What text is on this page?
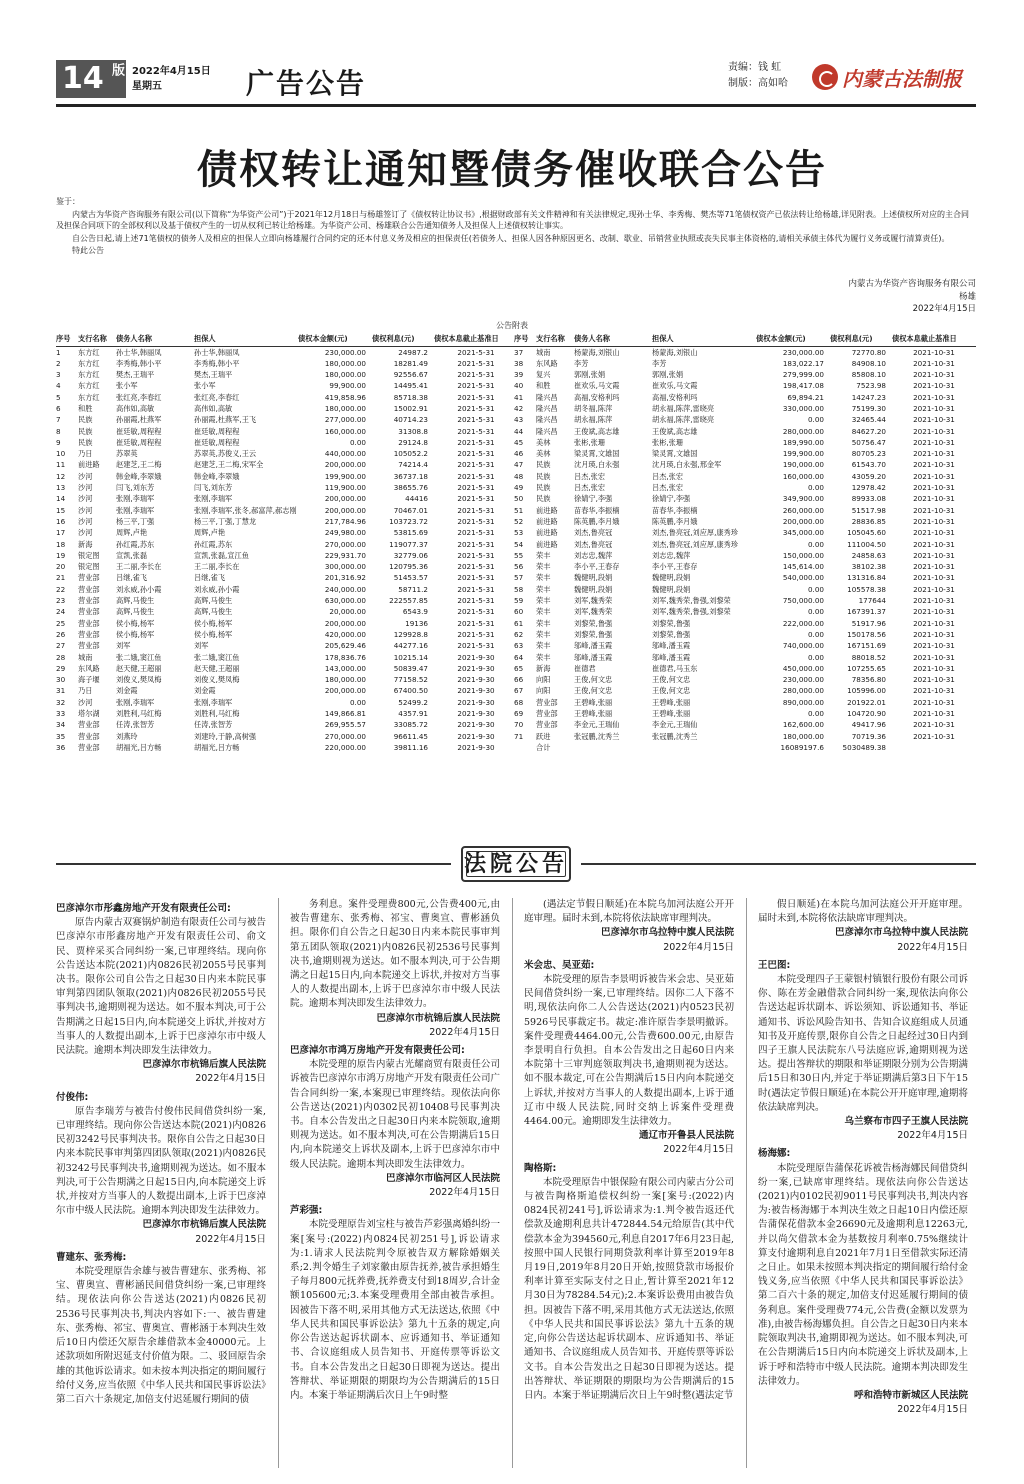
14 版 2022年4月15日
星期五	广告公告	责编：钱 虹
制版：高如哈	内蒙古法制报
债权转让通知暨债务催收联合公告

鉴于：

内蒙古为华资产咨询服务有限公司(以下简称“为华资产公司”)于2021年12月18日与杨雄签订了《债权转让协议书》,根据财政部有关文件精神和有关法律规定,现孙士华、李秀梅、樊杰等71笔债权资产已依法转让给杨雄,详见附表。上述债权所对应的主合同及担保合同项下的全部权利以及基于债权产生的一切从权利已转让给杨雄。为华资产公司、杨雄联合公告通知债务人及担保人上述债权转让事实。

自公告日起,请上述71笔债权的债务人及相应的担保人立即向杨雄履行合同约定的还本付息义务及相应的担保责任(若债务人、担保人因各种原因更名、改制、歇业、吊销营业执照或丧失民事主体资格的,请相关承债主体代为履行义务或履行清算责任)。

特此公告

内蒙古为华资产咨询服务有限公司
杨雄
2022年4月15日
公告附表
序号	支行名称	债务人名称	担保人	债权本金额(元)	债权利息(元)	债权本息截止基准日
1	东方红	孙士华,韩丽凤	孙士华,韩丽凤	230,000.00	24987.2	2021-5-31
2	东方红	李秀梅,韩小平	李秀梅,韩小平	180,000.00	18281.49	2021-5-31
3	东方红	樊杰,王瑞平	樊杰,王瑞平	180,000.00	92556.67	2021-5-31
4	东方红	张小军	张小军	99,900.00	14495.41	2021-5-31
5	东方红	张红亮,李春红	张红亮,李春红	419,858.96	85718.38	2021-5-31
6	和胜	高伟如,高敏	高伟如,高敏	180,000.00	15002.91	2021-5-31
7	民族	孙丽霞,杜燕军	孙丽霞,杜燕军,王飞	277,000.00	40714.23	2021-5-31
8	民族	崔廷敏,周程程	崔廷敏,周程程	160,000.00	31308.8	2021-5-31
9	民族	崔廷敏,周程程	崔廷敏,周程程	0.00	29124.8	2021-5-31
10	乃日	苏翠英	苏翠英,苏俊义,王云	440,000.00	105052.2	2021-5-31
11	前进路	赵建芝,王二梅	赵建芝,王二梅,宋军全	200,000.00	74214.4	2021-5-31
12	沙河	韩金峰,李翠娥	韩金峰,李翠娥	199,900.00	36737.18	2021-5-31
13	沙河	闫飞,刘东芳	闫飞,刘东芳	119,900.00	38655.76	2021-5-31
14	沙河	张刚,李瑞军	张刚,李瑞军	200,000.00	44416	2021-5-31
15	沙河	张刚,李瑞军	张刚,李瑞军,张冬,郝富萍,郝志刚	200,000.00	70467.01	2021-5-31
16	沙河	杨三平,丁强	杨三平,丁强,丁慧龙	217,784.96	103723.72	2021-5-31
17	沙河	周辉,卢艳	周辉,卢艳	249,980.00	53815.69	2021-5-31
18	新海	孙红霞,苏东	孙红霞,苏东	270,000.00	119077.37	2021-5-31
19	银定图	宣凯,张磊	宣凯,张磊,宣江鱼	229,931.70	32779.06	2021-5-31
20	银定图	王二丽,李长在	王二丽,李长在	300,000.00	120795.36	2021-5-31
21	营业部	吕继,雀飞	吕继,雀飞	201,316.92	51453.57	2021-5-31
22	营业部	刘永威,孙小霞	刘永威,孙小霞	240,000.00	58711.2	2021-5-31
23	营业部	高辉,马俊生	高辉,马俊生	630,000.00	222557.85	2021-5-31
24	营业部	高辉,马俊生	高辉,马俊生	20,000.00	6543.9	2021-5-31
25	营业部	侯小梅,杨军	侯小梅,杨军	200,000.00	19136	2021-5-31
26	营业部	侯小梅,杨军	侯小梅,杨军	420,000.00	129928.8	2021-5-31
27	营业部	刘军	刘军	205,629.46	44277.16	2021-5-31
28	城南	张二娥,窦江鱼	张二娥,窦江鱼	178,836.76	10215.14	2021-9-30
29	东风路	赵天健,王超丽	赵天健,王超丽	143,000.00	50839.47	2021-9-30
30	海子堰	刘俊义,樊凤梅	刘俊义,樊凤梅	180,000.00	77158.52	2021-9-30
31	乃日	刘金霞	刘金霞	200,000.00	67400.50	2021-9-30
32	沙河	张刚,李瑞军	张刚,李瑞军	0.00	52499.2	2021-9-30
33	塔尔湖	刘胜利,马红梅	刘胜利,马红梅	149,866.81	4357.91	2021-9-30
34	营业部	任涛,张智芳	任涛,张智芳	269,955.57	33085.72	2021-9-30
35	营业部	刘燕玲	刘建玲,于静,高树强	270,000.00	96611.45	2021-9-30
36	营业部	胡福光,吕方畅	胡福光,吕方畅	220,000.00	39811.16	2021-9-30
序号	支行名称	债务人名称	担保人	债权本金额(元)	债权利息(元)	债权本息截止基准日
37	城南	杨蒙海,刘银山	杨蒙海,刘银山	230,000.00	72770.80	2021-10-31
38	东风路	李芳	李芳	183,022.17	84908.10	2021-10-31
39	复兴	郭刚,张娟	郭刚,张娟	279,999.00	85808.10	2021-10-31
40	和胜	崔欢乐,马文霞	崔欢乐,马文霞	198,417.08	7523.98	2021-10-31
41	隆兴昌	高福,安格利玛	高福,安格利玛	69,894.21	14247.23	2021-10-31
42	隆兴昌	胡冬福,陈萍	胡永福,陈萍,雷晓亮	330,000.00	75199.30	2021-10-31
43	隆兴昌	胡永福,陈萍	胡永福,陈萍,雷晓亮	0.00	32465.44	2021-10-31
44	隆兴昌	王俊斌,高志雄	王俊斌,高志雄	280,000.00	84627.20	2021-10-31
45	美林	张彬,张珊	张彬,张珊	189,990.00	50756.47	2021-10-31
46	美林	梁灵霄,文雄国	梁灵霄,文雄国	199,900.00	80705.23	2021-10-31
47	民族	沈月瑛,白永强	沈月瑛,白永强,邢金军	190,000.00	61543.70	2021-10-31
48	民族	吕杰,张宏	吕杰,张宏	160,000.00	43059.20	2021-10-31
49	民族	吕杰,张宏	吕杰,张宏	0.00	12978.42	2021-10-31
50	民族	徐婧宁,李强	徐婧宁,李强	349,900.00	89933.08	2021-10-31
51	前进路	苗春华,李振楠	苗春华,李振楠	260,000.00	51517.98	2021-10-31
52	前进路	陈英鹏,李月娥	陈英鹏,李月娥	200,000.00	28836.85	2021-10-31
53	前进路	刘杰,鲁亮冠	刘杰,鲁亮冠,刘应厚,康秀珍	345,000.00	105045.60	2021-10-31
54	前进路	刘杰,鲁亮冠	刘杰,鲁亮冠,刘应厚,康秀珍	0.00	111004.50	2021-10-31
55	荣丰	刘志忠,魏萍	刘志忠,魏萍	150,000.00	24858.63	2021-10-31
56	荣丰	李小平,王春存	李小平,王春存	145,614.00	38102.38	2021-10-31
57	荣丰	魏健明,段娟	魏健明,段娟	540,000.00	131316.84	2021-10-31
58	荣丰	魏健明,段娟	魏健明,段娟	0.00	105578.38	2021-10-31
59	荣丰	刘军,魏秀荣	刘军,魏秀荣,鲁强,刘黎荣	750,000.00	177644	2021-10-31
60	荣丰	刘军,魏秀荣	刘军,魏秀荣,鲁强,刘黎荣	0.00	167391.37	2021-10-31
61	荣丰	刘黎荣,鲁强	刘黎荣,鲁强	222,000.00	51917.96	2021-10-31
62	荣丰	刘黎荣,鲁强	刘黎荣,鲁强	0.00	150178.56	2021-10-31
63	荣丰	邬峰,潘玉霞	邬峰,潘玉霞	740,000.00	167151.69	2021-10-31
64	荣丰	邬峰,潘玉霞	邬峰,潘玉霞	0.00	88018.52	2021-10-31
65	新海	崔德君	崔德君,马玉东	450,000.00	107255.65	2021-10-31
66	向阳	王俊,何文忠	王俊,何文忠	230,000.00	78356.80	2021-10-31
67	向阳	王俊,何文忠	王俊,何文忠	280,000.00	105996.00	2021-10-31
68	营业部	王碧峰,张丽	王碧峰,张丽	890,000.00	201922.01	2021-10-31
69	营业部	王碧峰,张丽	王碧峰,张丽	0.00	104720.90	2021-10-31
70	营业部	李金元,王瑞仙	李金元,王瑞仙	162,600.00	49417.96	2021-10-31
71	跃进	张冠鹏,沈秀兰	张冠鹏,沈秀兰	180,000.00	70719.36	2021-10-31
	合计			16089197.6	5030489.38	
法院公告
巴彦淖尔市彤鑫房地产开发有限责任公司:
原告内蒙古双赛锅炉制造有限责任公司与被告巴彦淖尔市彤鑫房地产开发有限责任公司、俞文民、贾梓采买合同纠纷一案,已审理终结。现向你公告送达本院(2021)内0826民初2055号民事判决书。限你公司自公告之日起30日内来本院民事审判第四团队领取(2021)内0826民初2055号民事判决书,逾期则视为送达。如不服本判决,可于公告期满之日起15日内,向本院递交上诉状,并按对方当事人的人数提出副本,上诉于巴彦淖尔市中级人民法院。逾期本判决即发生法律效力。
巴彦淖尔市杭锦后旗人民法院
2022年4月15日
付俊伟:
原告李瑞芳与被告付俊伟民间借贷纠纷一案,已审理终结。现向你公告送达本院(2021)内0826民初3242号民事判决书。限你自公告之日起30日内来本院民事审判第四团队领取(2021)内0826民初3242号民事判决书,逾期则视为送达。如不服本判决,可于公告期满之日起15日内,向本院递交上诉状,并按对方当事人的人数提出副本,上诉于巴彦淖尔市中级人民法院。逾期本判决即发生法律效力。
巴彦淖尔市杭锦后旗人民法院
2022年4月15日
曹建东、张秀梅:
本院受理原告余雄与被告曹建东、张秀梅、祁宝、曹奥宣、曹彬涵民间借贷纠纷一案,已审理终结。现依法向你公告送达(2021)内0826民初2536号民事判决书,判决内容如下:一、被告曹建东、张秀梅、祁宝、曹奥宣、曹彬涵于本判决生效后10日内偿还欠原告余雄借款本金40000元。上述款项如所附迟延支付价值为限。二、驳回原告余雄的其他诉讼请求。如未按本判决指定的期间履行给付义务,应当依照《中华人民共和国民事诉讼法》第二百六十条规定,加倍支付迟延履行期间的债
务利息。案件受理费800元,公告费400元,由被告曹建东、张秀梅、祁宝、曹奥宣、曹彬涵负担。限你们自公告之日起30日内来本院民事审判第五团队领取(2021)内0826民初2536号民事判决书,逾期则视为送达。如不服本判决,可于公告期满之日起15日内,向本院递交上诉状,并按对方当事人的人数提出副本,上诉于巴彦淖尔市中级人民法院。逾期本判决即发生法律效力。
巴彦淖尔市杭锦后旗人民法院
2022年4月15日
巴彦淖尔市鸿万房地产开发有限责任公司:
本院受理的原告内蒙古光耀商贸有限责任公司诉被告巴彦淖尔市鸿万房地产开发有限责任公司广告合同纠纷一案,本案现已审理终结。现依法向你公告送达(2021)内0302民初10408号民事判决书。自本公告发出之日起30日内来本院领取,逾期则视为送达。如不服本判决,可在公告期满后15日内,向本院递交上诉状及副本,上诉于巴彦淖尔市中级人民法院。逾期本判决即发生法律效力。
巴彦淖尔市临河区人民法院
2022年4月15日
芦彩强:
本院受理原告刘宝柱与被告芦彩强离婚纠纷一案[案号:(2022)内0824民初251号],诉讼请求为:1.请求人民法院判令原被告双方解除婚姻关系;2.判令婚生子刘家徽由原告抚养,被告承担婚生子每月800元抚养费,抚养费支付到18周岁,合计金额105600元;3.本案受理费用全部由被告承担。因被告下落不明,采用其他方式无法送达,依照《中华人民共和国民事诉讼法》第九十五条的规定,向你公告送达起诉状副本、应诉通知书、举证通知书、合议庭组成人员告知书、开庭传票等诉讼文书。自本公告发出之日起30日即视为送达。提出答辩状、举证期限的期限均为公告期满后的15日内。本案于举证期满后次日上午9时整
(遇法定节假日顺延)在本院乌加河法庭公开开庭审理。届时未到,本院将依法缺席审理判决。
巴彦淖尔市乌拉特中旗人民法院
2022年4月15日
米会忠、吴亚茹:
本院受理的原告李景明诉被告米会忠、吴亚茹民间借贷纠纷一案,已审理终结。因你二人下落不明,现依法向你二人公告送达(2021)内0523民初5926号民事裁定书。裁定:准许原告李景明撤诉。案件受理费4464.00元,公告费600.00元,由原告李景明自行负担。自本公告发出之日起60日内来本院第十三审判庭领取判决书,逾期则视为送达。如不服本裁定,可在公告期满后15日内向本院递交上诉状,并按对方当事人的人数提出副本,上诉于通辽市中级人民法院,同时交纳上诉案件受理费4464.00元。逾期即发生法律效力。
通辽市开鲁县人民法院
2022年4月15日
陶格斯:
本院受理原告中银保险有限公司内蒙古分公司与被告陶格斯追偿权纠纷一案[案号:(2022)内0824民初241号],诉讼请求为:1.判令被告返还代偿款及逾期利息共计472844.54元给原告(其中代偿款本金为394560元,利息自2017年6月23日起,按照中国人民银行同期贷款利率计算至2019年8月19日,2019年8月20日开始,按照贷款市场报价利率计算至实际支付之日止,暂计算至2021年12月30日为78284.54元);2.本案诉讼费用由被告负担。因被告下落不明,采用其他方式无法送达,依照《中华人民共和国民事诉讼法》第九十五条的规定,向你公告送达起诉状副本、应诉通知书、举证通知书、合议庭组成人员告知书、开庭传票等诉讼文书。自本公告发出之日起30日即视为送达。提出答辩状、举证期限的期限均为公告期满后的15日内。本案于举证期满后次日上午9时整(遇法定节
假日顺延)在本院乌加河法庭公开开庭审理。届时未到,本院将依法缺席审理判决。
巴彦淖尔市乌拉特中旗人民法院
2022年4月15日
王巴图:
本院受理四子王蒙银村镇银行股份有限公司诉你、陈在芳金融借款合同纠纷一案,现依法向你公告送达起诉状副本、诉讼须知、诉讼通知书、举证通知书、诉讼风险告知书、告知合议庭组成人员通知书及开庭传票,限你自公告之日起经过30日内到四子王旗人民法院东八号法庭应诉,逾期则视为送达。提出答辩状的期限和举证期限分别为公告期满后15日和30日内,并定于举证期满后第3日下午15时(遇法定节假日顺延)在本院公开开庭审理,逾期将依法缺席判决。
乌兰察布市四子王旗人民法院
2022年4月15日
杨海娜:
本院受理原告蒲保花诉被告杨海娜民间借贷纠纷一案,已缺席审理终结。现依法向你公告送达(2021)内0102民初9011号民事判决书,判决内容为:被告杨海娜于本判决生效之日起10日内偿还原告蒲保花借款本金26690元及逾期利息12263元,并以尚欠借款本金为基数按月利率0.75%继续计算支付逾期利息自2021年7月1日至借款实际还清之日止。如果未按照本判决指定的期间履行给付金钱义务,应当依照《中华人民共和国民事诉讼法》第二百六十条的规定,加倍支付迟延履行期间的债务利息。案件受理费774元,公告费(金额以发票为准),由被告杨海娜负担。自公告之日起30日内来本院领取判决书,逾期即视为送达。如不服本判决,可在公告期满后15日内向本院递交上诉状及副本,上诉于呼和浩特市中级人民法院。逾期本判决即发生法律效力。
呼和浩特市新城区人民法院
2022年4月15日
